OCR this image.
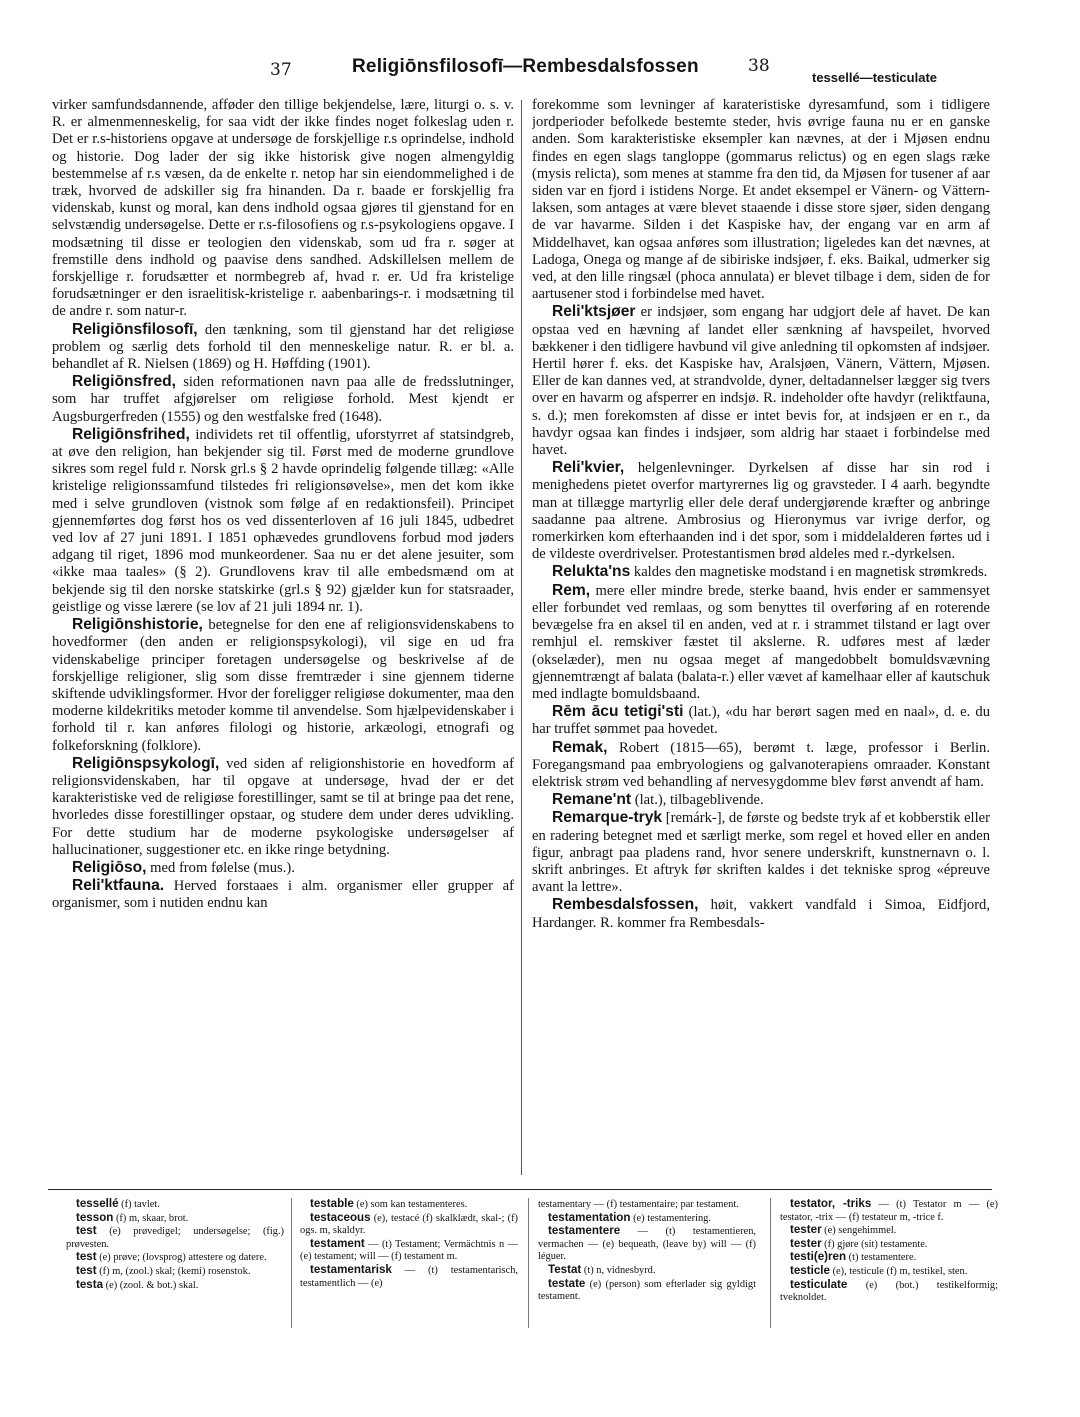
37	Religiōnsfilosofī—Rembesdalsfossen	38
tessellé—testiculate

virker samfundsdannende, afføder den tillige bekjendelse, lære, liturgi o. s. v. R. er almenmenneskelig, for saa vidt der ikke findes noget folkeslag uden r. Det er r.s-historiens opgave at undersøge de forskjellige r.s oprindelse, indhold og historie. Dog lader der sig ikke historisk give nogen almengyldig bestemmelse af r.s væsen, da de enkelte r. netop har sin eiendommelighed i de træk, hvorved de adskiller sig fra hinanden. Da r. baade er forskjellig fra videnskab, kunst og moral, kan dens indhold ogsaa gjøres til gjenstand for en selvstændig undersøgelse. Dette er r.s-filosofiens og r.s-psykologiens opgave. I modsætning til disse er teologien den videnskab, som ud fra r. søger at fremstille dens indhold og paavise dens sandhed. Adskillelsen mellem de forskjellige r. forudsætter et normbegreb af, hvad r. er. Ud fra kristelige forudsætninger er den israelitisk-kristelige r. aabenbarings-r. i modsætning til de andre r. som natur-r.

Religiōnsfilosofī, den tænkning, som til gjenstand har det religiøse problem og særlig dets forhold til den menneskelige natur. R. er bl. a. behandlet af R. Nielsen (1869) og H. Høffding (1901).

Religiōnsfred, siden reformationen navn paa alle de fredsslutninger, som har truffet afgjørelser om religiøse forhold. Mest kjendt er Augsburgerfreden (1555) og den westfalske fred (1648).

Religiōnsfrihed, individets ret til offentlig, uforstyrret af statsindgreb, at øve den religion, han bekjender sig til. Først med de moderne grundlove sikres som regel fuld r. Norsk grl.s § 2 havde oprindelig følgende tillæg: «Alle kristelige religionssamfund tilstedes fri religionsøvelse», men det kom ikke med i selve grundloven (vistnok som følge af en redaktionsfeil). Principet gjennemførtes dog først hos os ved dissenterloven af 16 juli 1845, udbedret ved lov af 27 juni 1891. I 1851 ophævedes grundlovens forbud mod jøders adgang til riget, 1896 mod munkeordener. Saa nu er det alene jesuiter, som «ikke maa taales» (§ 2). Grundlovens krav til alle embedsmænd om at bekjende sig til den norske statskirke (grl.s § 92) gjælder kun for statsraader, geistlige og visse lærere (se lov af 21 juli 1894 nr. 1).

Religiōnshistorie, betegnelse for den ene af religionsvidenskabens to hovedformer (den anden er religionspsykologi), vil sige en ud fra videnskabelige principer foretagen undersøgelse og beskrivelse af de forskjellige religioner, slig som disse fremtræder i sine gjennem tiderne skiftende udviklingsformer. Hvor der foreligger religiøse dokumenter, maa den moderne kildekritiks metoder komme til anvendelse. Som hjælpevidenskaber i forhold til r. kan anføres filologi og historie, arkæologi, etnografi og folkeforskning (folklore).

Religiōnspsykologī, ved siden af religionshistorie en hovedform af religionsvidenskaben, har til opgave at undersøge, hvad der er det karakteristiske ved de religiøse forestillinger, samt se til at bringe paa det rene, hvorledes disse forestillinger opstaar, og studere dem under deres udvikling. For dette studium har de moderne psykologiske undersøgelser af hallucinationer, suggestioner etc. en ikke ringe betydning.

Religiōso, med from følelse (mus.).

Reli'ktfauna. Herved forstaaes i alm. organismer eller grupper af organismer, som i nutiden endnu kan

forekomme som levninger af karateristiske dyresamfund, som i tidligere jordperioder befolkede bestemte steder, hvis øvrige fauna nu er en ganske anden. Som karakteristiske eksempler kan nævnes, at der i Mjøsen endnu findes en egen slags tangloppe (gommarus relictus) og en egen slags ræke (mysis relicta), som menes at stamme fra den tid, da Mjøsen for tusener af aar siden var en fjord i istidens Norge. Et andet eksempel er Vänern- og Vättern-laksen, som antages at være blevet staaende i disse store sjøer, siden dengang de var havarme. Silden i det Kaspiske hav, der engang var en arm af Middelhavet, kan ogsaa anføres som illustration; ligeledes kan det nævnes, at Ladoga, Onega og mange af de sibiriske indsjøer, f. eks. Baikal, udmerker sig ved, at den lille ringsæl (phoca annulata) er blevet tilbage i dem, siden de for aartusener stod i forbindelse med havet.

Reli'ktsjøer er indsjøer, som engang har udgjort dele af havet. De kan opstaa ved en hævning af landet eller sænkning af havspeilet, hvorved bækkener i den tidligere havbund vil give anledning til opkomsten af indsjøer. Hertil hører f. eks. det Kaspiske hav, Aralsjøen, Vänern, Vättern, Mjøsen. Eller de kan dannes ved, at strandvolde, dyner, deltadannelser lægger sig tvers over en havarm og afsperrer en indsjø. R. indeholder ofte havdyr (reliktfauna, s. d.); men forekomsten af disse er intet bevis for, at indsjøen er en r., da havdyr ogsaa kan findes i indsjøer, som aldrig har staaet i forbindelse med havet.

Reli'kvier, helgenlevninger. Dyrkelsen af disse har sin rod i menighedens pietet overfor martyrernes lig og gravsteder. I 4 aarh. begyndte man at tillægge martyrlig eller dele deraf undergjørende kræfter og anbringe saadanne paa altrene. Ambrosius og Hieronymus var ivrige derfor, og romerkirken kom efterhaanden ind i det spor, som i middelalderen førtes ud i de vildeste overdrivelser. Protestantismen brød aldeles med r.-dyrkelsen.

Relukta'ns kaldes den magnetiske modstand i en magnetisk strømkreds.

Rem, mere eller mindre brede, sterke baand, hvis ender er sammensyet eller forbundet ved remlaas, og som benyttes til overføring af en roterende bevægelse fra en aksel til en anden, ved at r. i strammet tilstand er lagt over remhjul el. remskiver fæstet til akslerne. R. udføres mest af læder (okselæder), men nu ogsaa meget af mangedobbelt bomuldsvævning gjennemtrængt af balata (balata-r.) eller vævet af kamelhaar eller af kautschuk med indlagte bomuldsbaand.

Rēm ācu tetigi'sti (lat.), «du har berørt sagen med en naal», d. e. du har truffet sømmet paa hovedet.

Remak, Robert (1815—65), berømt t. læge, professor i Berlin. Foregangsmand paa embryologiens og galvanoterapiens omraader. Konstant elektrisk strøm ved behandling af nervesygdomme blev først anvendt af ham.

Remane'nt (lat.), tilbageblivende.

Remarque-tryk [remárk-], de første og bedste tryk af et kobberstik eller en radering betegnet med et særligt merke, som regel et hoved eller en anden figur, anbragt paa pladens rand, hvor senere underskrift, kunstnernavn o. l. skrift anbringes. Et aftryk før skriften kaldes i det tekniske sprog «épreuve avant la lettre».

Rembesdalsfossen, høit, vakkert vandfald i Simoa, Eidfjord, Hardanger. R. kommer fra Rembesdals-

tessellé (f) tavlet.

tesson (f) m, skaar, brot.

test (e) prøvedigel; undersøgelse; (fig.) prøvesten.

test (e) prøve; (lovsprog) attestere og datere.

test (f) m, (zool.) skal; (kemi) rosenstok.

testa (e) (zool. & bot.) skal.

testable (e) som kan testamenteres.

testaceous (e), testacé (f) skalklædt, skal-; (f) ogs. m, skaldyr.

testament — (t) Testament; Vermächtnis n — (e) testament; will — (f) testament m.

testamentarisk — (t) testamentarisch, testamentlich — (e)

testamentary — (f) testamentaire; par testament.

testamentation (e) testamentering.

testamentere — (t) testamentieren, vermachen — (e) bequeath, (leave by) will — (f) léguer.

Testat (t) n, vidnesbyrd.

testate (e) (person) som efterlader sig gyldigt testament.

testator, -triks — (t) Testator m — (e) testator, -trix — (f) testateur m, -trice f.

tester (e) sengehimmel.

tester (f) gjøre (sit) testamente.

testi(e)ren (t) testamentere.

testicle (e), testicule (f) m, testikel, sten.

testiculate (e) (bot.) testikelformig; tveknoldet.
